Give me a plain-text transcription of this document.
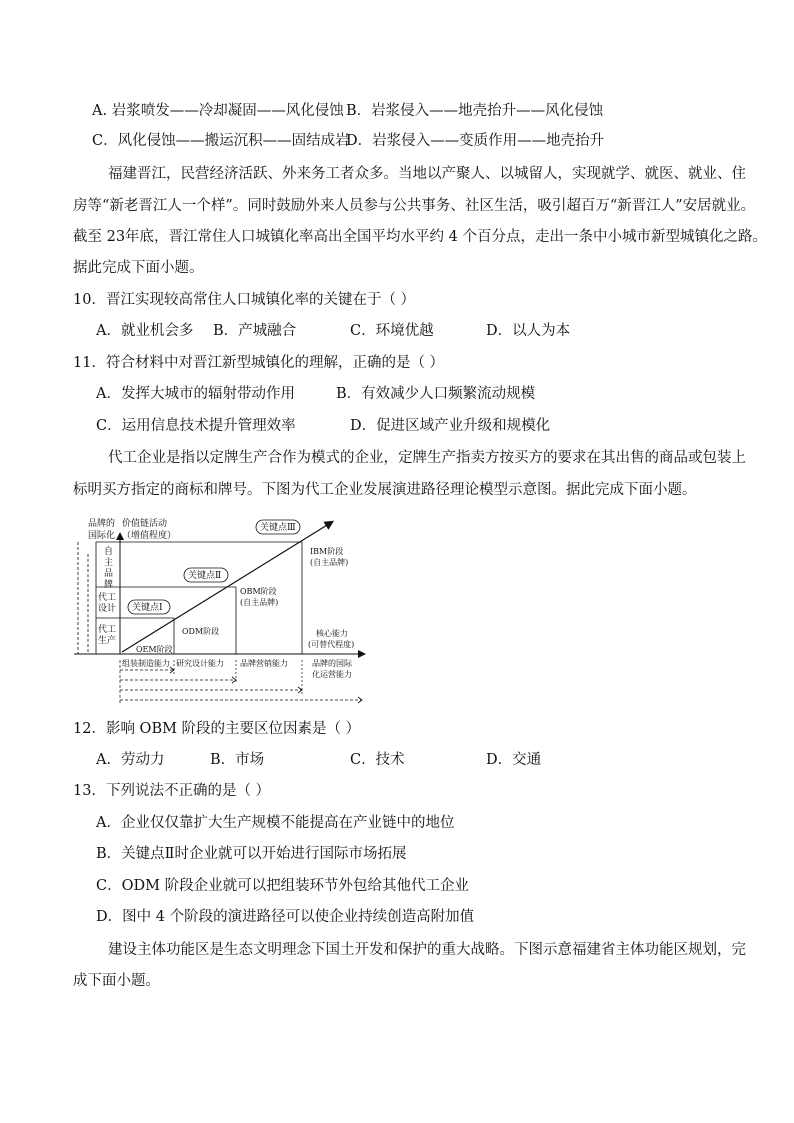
A. 岩浆喷发——冷却凝固——风化侵蚀 B．岩浆侵入——地壳抬升——风化侵蚀
C．风化侵蚀——搬运沉积——固结成岩
D．岩浆侵入——变质作用——地壳抬升
福建晋江，民营经济活跃、外来务工者众多。当地以产聚人、以城留人，实现就学、就医、就业、住
房等“新老晋江人一个样”。同时鼓励外来人员参与公共事务、社区生活，吸引超百万“新晋江人”安居就业。
截至 23年底，晋江常住人口城镇化率高出全国平均水平约 4 个百分点，走出一条中小城市新型城镇化之路。
据此完成下面小题。
10．晋江实现较高常住人口城镇化率的关键在于（ ）
A．就业机会多 B．产城融合	C．环境优越	D．以人为本
11．符合材料中对晋江新型城镇化的理解，正确的是（ ）
A．发挥大城市的辐射带动作用	B．有效减少人口频繁流动规模
C．运用信息技术提升管理效率	D．促进区域产业升级和规模化
代工企业是指以定牌生产合作为模式的企业，定牌生产指卖方按买方的要求在其出售的商品或包装上
标明买方指定的商标和牌号。下图为代工企业发展演进路径理论模型示意图。据此完成下面小题。
品牌的
国际化
价值链活动
（增值程度）
自
主
品
牌
代工
设计
代工
生产
关键点Ⅰ
关键点Ⅱ
关键点Ⅲ
OEM阶段
ODM阶段
OBM阶段
(自主品牌)
IBM阶段
(自主品牌)
核心能力
(可替代程度)
组装制造能力 研究设计能力 品牌营销能力	品牌的国际
化运营能力
12．影响 OBM 阶段的主要区位因素是（ ）
A．劳动力	B．市场	C．技术	D．交通
13．下列说法不正确的是（ ）
A．企业仅仅靠扩大生产规模不能提高在产业链中的地位
B．关键点Ⅱ时企业就可以开始进行国际市场拓展
C．ODM 阶段企业就可以把组装环节外包给其他代工企业
D．图中 4 个阶段的演进路径可以使企业持续创造高附加值
建设主体功能区是生态文明理念下国土开发和保护的重大战略。下图示意福建省主体功能区规划，完
成下面小题。
